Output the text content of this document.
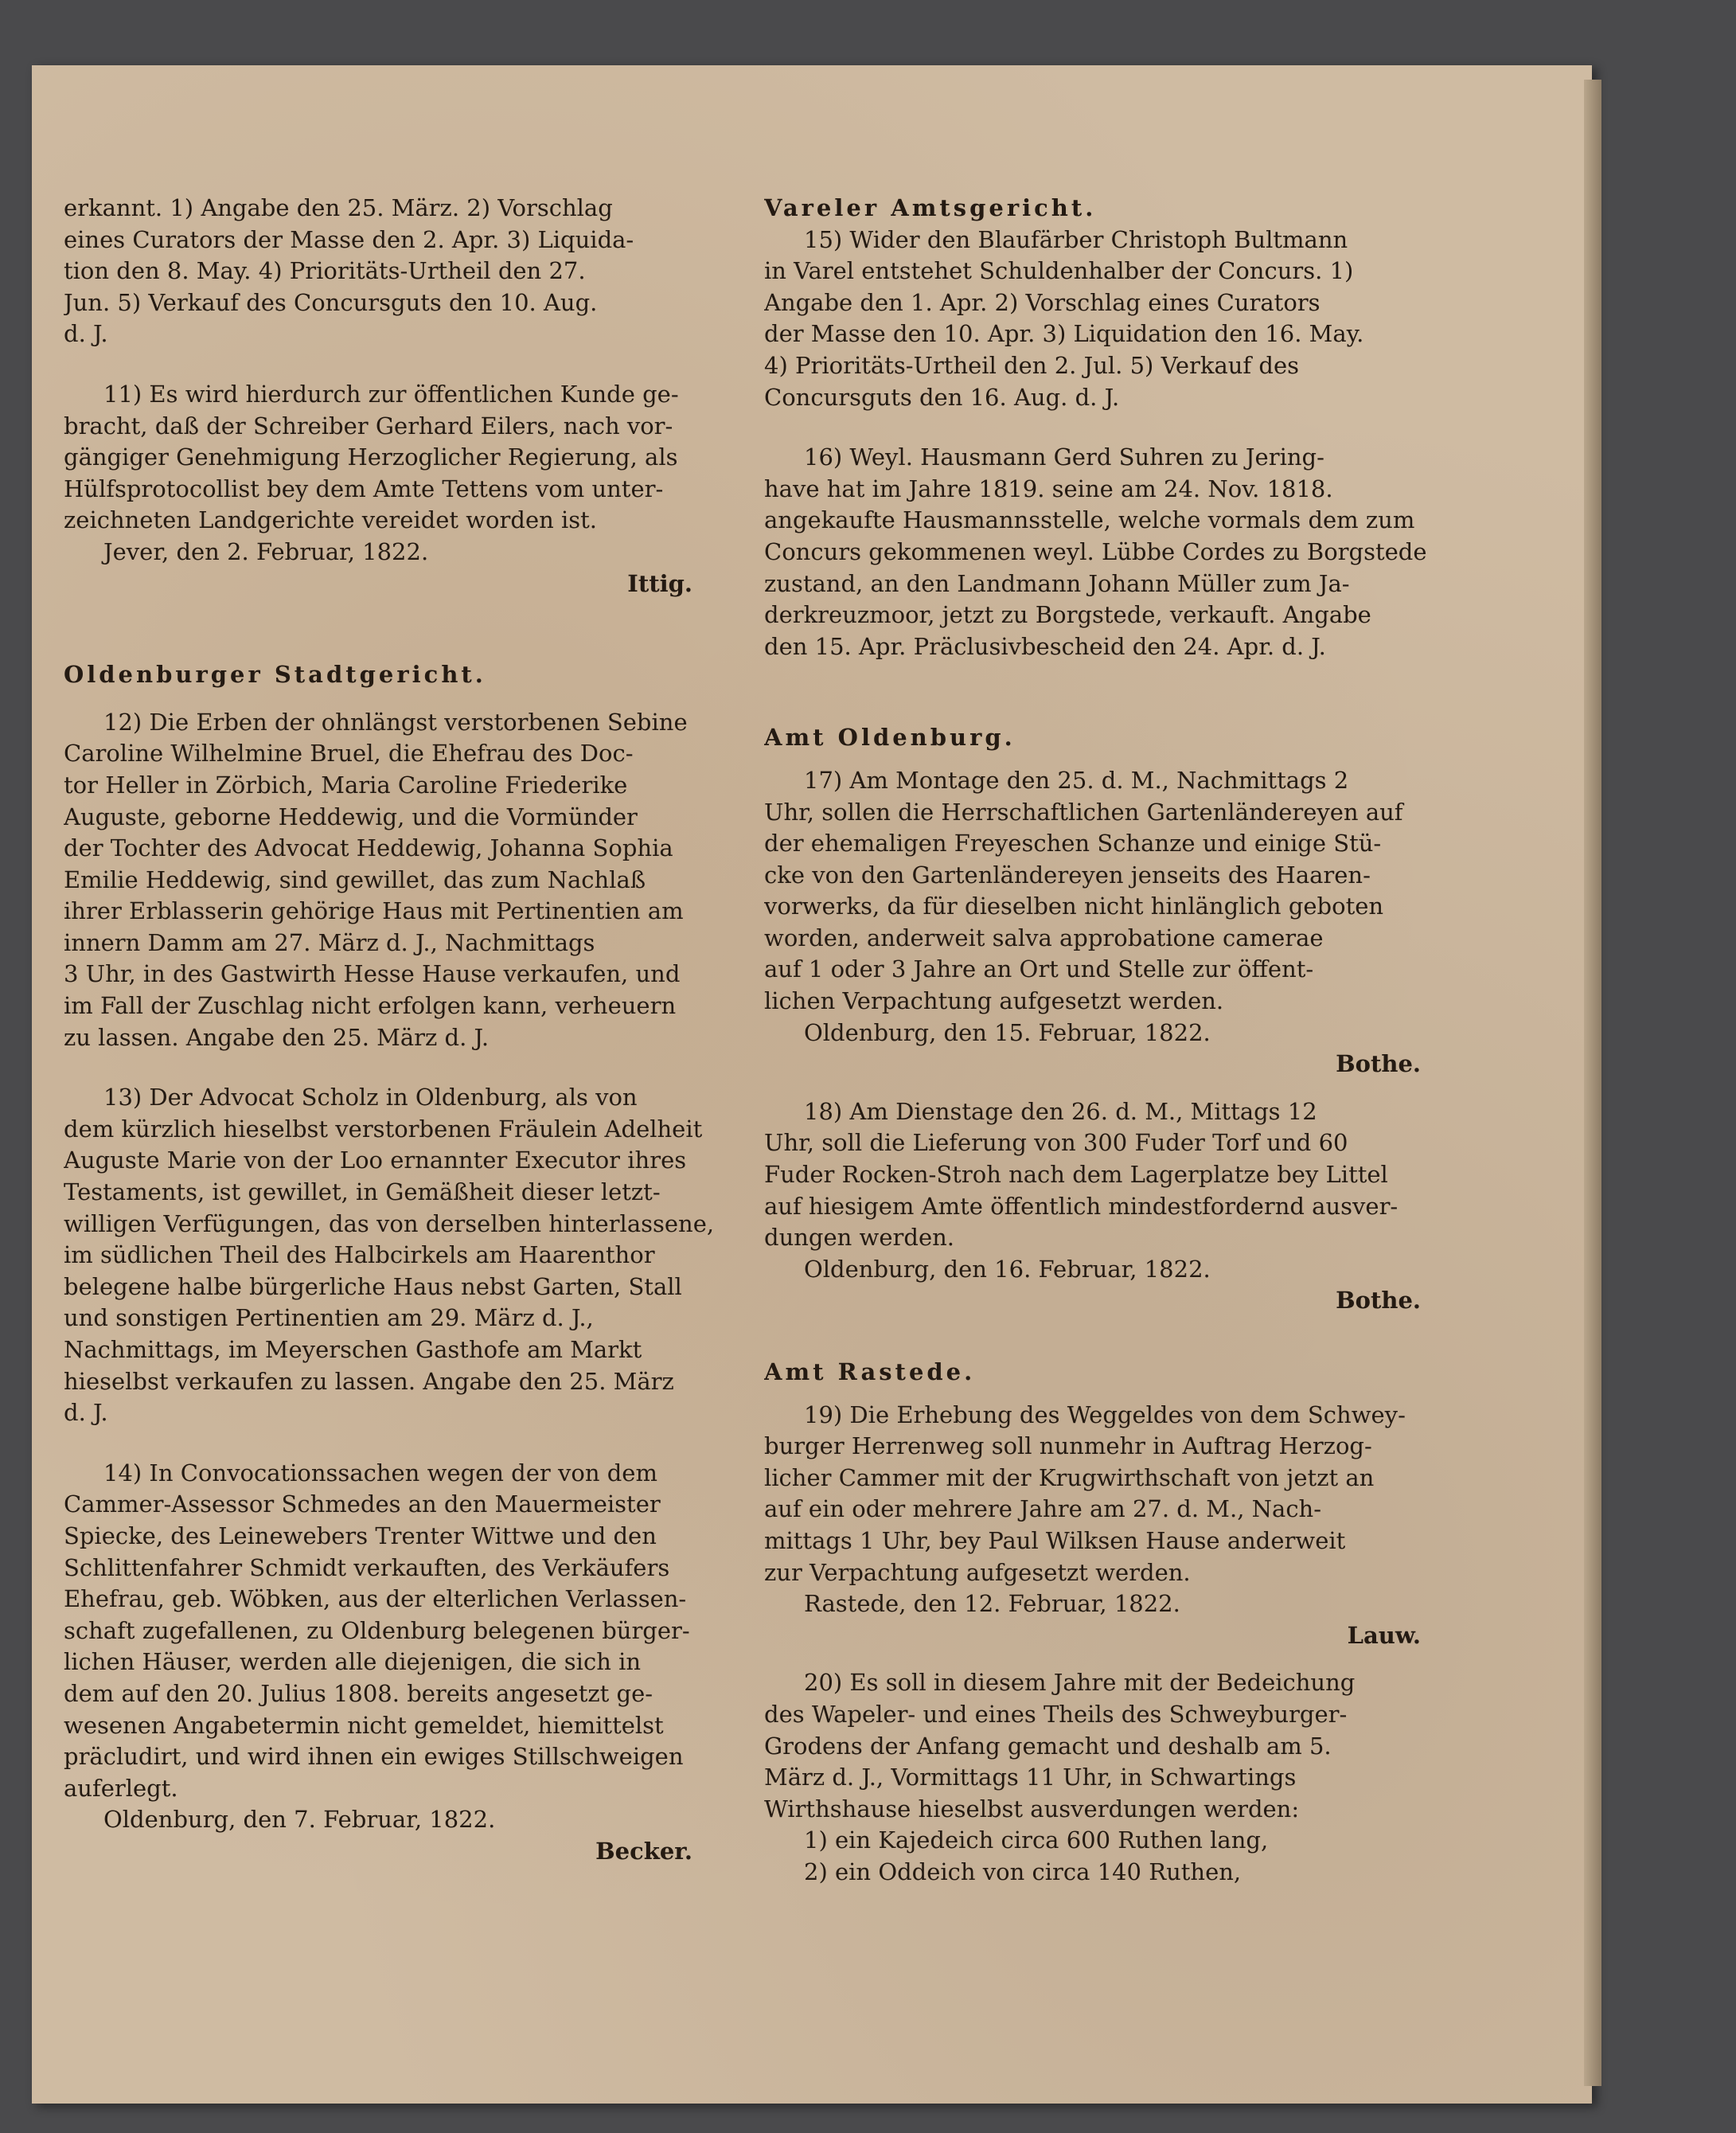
erkannt. 1) Angabe den 25. März. 2) Vorschlag
eines Curators der Masse den 2. Apr. 3) Liquida-
tion den 8. May. 4) Prioritäts-Urtheil den 27.
Jun. 5) Verkauf des Concursguts den 10. Aug.
d. J.
11) Es wird hierdurch zur öffentlichen Kunde ge-
bracht, daß der Schreiber Gerhard Eilers, nach vor-
gängiger Genehmigung Herzoglicher Regierung, als
Hülfsprotocollist bey dem Amte Tettens vom unter-
zeichneten Landgerichte vereidet worden ist.
Jever, den 2. Februar, 1822.
Ittig.
Oldenburger Stadtgericht.
12) Die Erben der ohnlängst verstorbenen Sebine
Caroline Wilhelmine Bruel, die Ehefrau des Doc-
tor Heller in Zörbich, Maria Caroline Friederike
Auguste, geborne Heddewig, und die Vormünder
der Tochter des Advocat Heddewig, Johanna Sophia
Emilie Heddewig, sind gewillet, das zum Nachlaß
ihrer Erblasserin gehörige Haus mit Pertinentien am
innern Damm am 27. März d. J., Nachmittags
3 Uhr, in des Gastwirth Hesse Hause verkaufen, und
im Fall der Zuschlag nicht erfolgen kann, verheuern
zu lassen. Angabe den 25. März d. J.
13) Der Advocat Scholz in Oldenburg, als von
dem kürzlich hieselbst verstorbenen Fräulein Adelheit
Auguste Marie von der Loo ernannter Executor ihres
Testaments, ist gewillet, in Gemäßheit dieser letzt-
willigen Verfügungen, das von derselben hinterlassene,
im südlichen Theil des Halbcirkels am Haarenthor
belegene halbe bürgerliche Haus nebst Garten, Stall
und sonstigen Pertinentien am 29. März d. J.,
Nachmittags, im Meyerschen Gasthofe am Markt
hieselbst verkaufen zu lassen. Angabe den 25. März
d. J.
14) In Convocationssachen wegen der von dem
Cammer-Assessor Schmedes an den Mauermeister
Spiecke, des Leinewebers Trenter Wittwe und den
Schlittenfahrer Schmidt verkauften, des Verkäufers
Ehefrau, geb. Wöbken, aus der elterlichen Verlassen-
schaft zugefallenen, zu Oldenburg belegenen bürger-
lichen Häuser, werden alle diejenigen, die sich in
dem auf den 20. Julius 1808. bereits angesetzt ge-
wesenen Angabetermin nicht gemeldet, hiemittelst
präcludirt, und wird ihnen ein ewiges Stillschweigen
auferlegt.
Oldenburg, den 7. Februar, 1822.
Becker.
Vareler Amtsgericht.
15) Wider den Blaufärber Christoph Bultmann
in Varel entstehet Schuldenhalber der Concurs. 1)
Angabe den 1. Apr. 2) Vorschlag eines Curators
der Masse den 10. Apr. 3) Liquidation den 16. May.
4) Prioritäts-Urtheil den 2. Jul. 5) Verkauf des
Concursguts den 16. Aug. d. J.
16) Weyl. Hausmann Gerd Suhren zu Jering-
have hat im Jahre 1819. seine am 24. Nov. 1818.
angekaufte Hausmannsstelle, welche vormals dem zum
Concurs gekommenen weyl. Lübbe Cordes zu Borgstede
zustand, an den Landmann Johann Müller zum Ja-
derkreuzmoor, jetzt zu Borgstede, verkauft. Angabe
den 15. Apr. Präclusivbescheid den 24. Apr. d. J.
Amt Oldenburg.
17) Am Montage den 25. d. M., Nachmittags 2
Uhr, sollen die Herrschaftlichen Gartenländereyen auf
der ehemaligen Freyeschen Schanze und einige Stü-
cke von den Gartenländereyen jenseits des Haaren-
vorwerks, da für dieselben nicht hinlänglich geboten
worden, anderweit salva approbatione camerae
auf 1 oder 3 Jahre an Ort und Stelle zur öffent-
lichen Verpachtung aufgesetzt werden.
Oldenburg, den 15. Februar, 1822.
Bothe.
18) Am Dienstage den 26. d. M., Mittags 12
Uhr, soll die Lieferung von 300 Fuder Torf und 60
Fuder Rocken-Stroh nach dem Lagerplatze bey Littel
auf hiesigem Amte öffentlich mindestfordernd ausver-
dungen werden.
Oldenburg, den 16. Februar, 1822.
Bothe.
Amt Rastede.
19) Die Erhebung des Weggeldes von dem Schwey-
burger Herrenweg soll nunmehr in Auftrag Herzog-
licher Cammer mit der Krugwirthschaft von jetzt an
auf ein oder mehrere Jahre am 27. d. M., Nach-
mittags 1 Uhr, bey Paul Wilksen Hause anderweit
zur Verpachtung aufgesetzt werden.
Rastede, den 12. Februar, 1822.
Lauw.
20) Es soll in diesem Jahre mit der Bedeichung
des Wapeler- und eines Theils des Schweyburger-
Grodens der Anfang gemacht und deshalb am 5.
März d. J., Vormittags 11 Uhr, in Schwartings
Wirthshause hieselbst ausverdungen werden:
1) ein Kajedeich circa 600 Ruthen lang,
2) ein Oddeich von circa 140 Ruthen,
